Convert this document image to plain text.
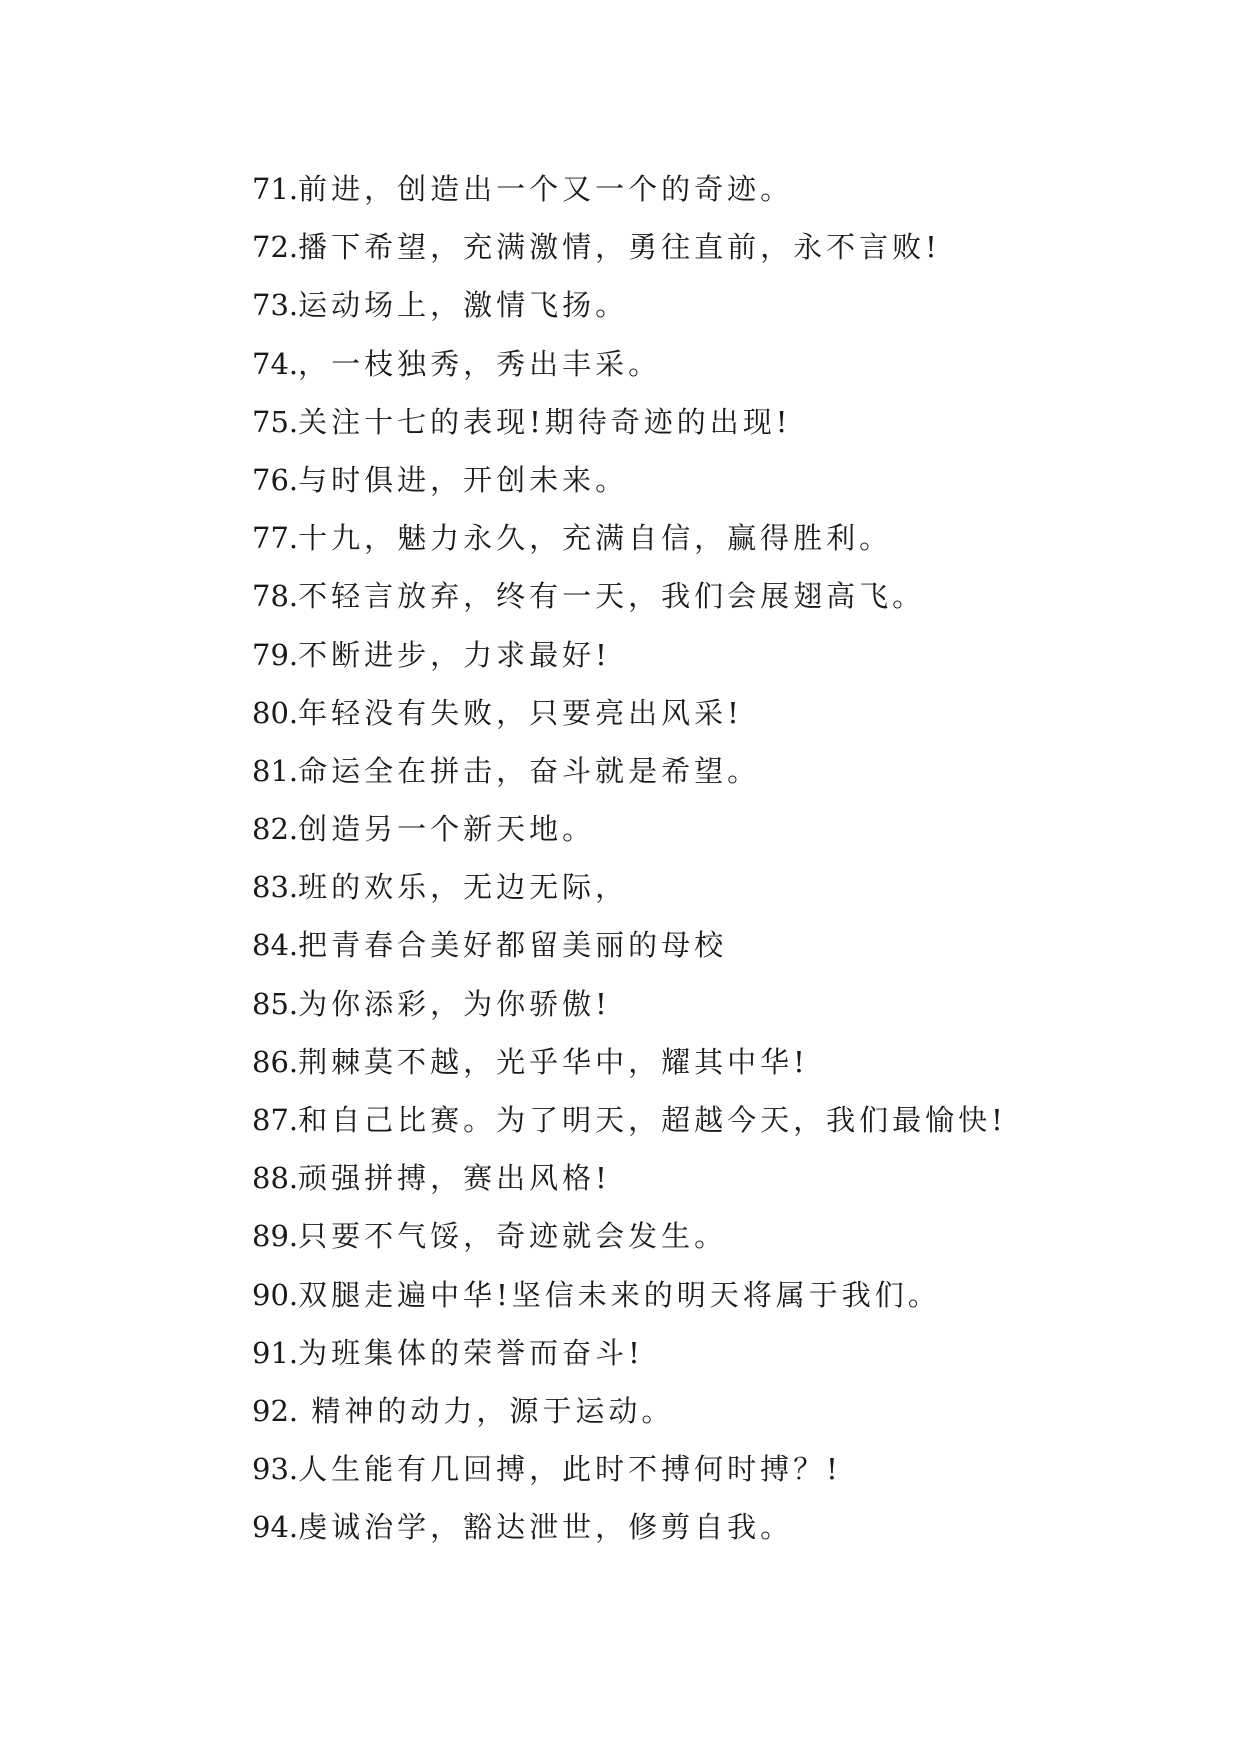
71.前进，创造出一个又一个的奇迹。
72.播下希望，充满激情，勇往直前，永不言败!
73.运动场上，激情飞扬。
74.，一枝独秀，秀出丰采。
75.关注十七的表现!期待奇迹的出现!
76.与时俱进，开创未来。
77.十九，魅力永久，充满自信，赢得胜利。
78.不轻言放弃，终有一天，我们会展翅高飞。
79.不断进步，力求最好!
80.年轻没有失败，只要亮出风采!
81.命运全在拼击，奋斗就是希望。
82.创造另一个新天地。
83.班的欢乐，无边无际，
84.把青春合美好都留美丽的母校
85.为你添彩，为你骄傲!
86.荆棘莫不越，光乎华中，耀其中华!
87.和自己比赛。为了明天，超越今天，我们最愉快!
88.顽强拼搏，赛出风格!
89.只要不气馁，奇迹就会发生。
90.双腿走遍中华!坚信未来的明天将属于我们。
91.为班集体的荣誉而奋斗!
92. 精神的动力，源于运动。
93.人生能有几回搏，此时不搏何时搏？!
94.虔诚治学，豁达泄世，修剪自我。
